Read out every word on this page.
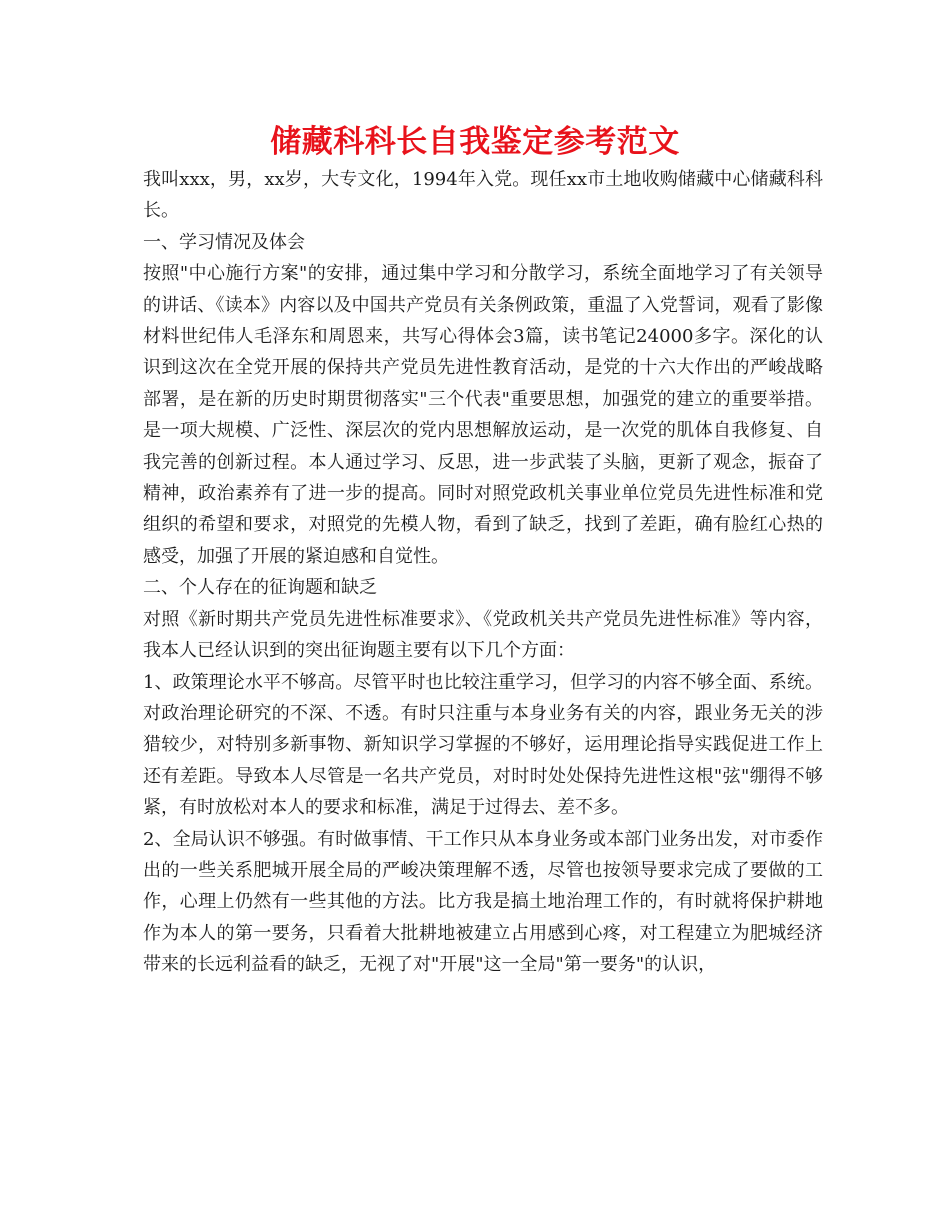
储藏科科长自我鉴定参考范文

我叫xxx，男，xx岁，大专文化，1994年入党。现任xx市土地收购储藏中心储藏科科长。

一、学习情况及体会

按照"中心施行方案"的安排，通过集中学习和分散学习，系统全面地学习了有关领导的讲话、《读本》内容以及中国共产党员有关条例政策，重温了入党誓词，观看了影像材料世纪伟人毛泽东和周恩来，共写心得体会3篇，读书笔记24000多字。深化的认识到这次在全党开展的保持共产党员先进性教育活动，是党的十六大作出的严峻战略部署，是在新的历史时期贯彻落实"三个代表"重要思想，加强党的建立的重要举措。是一项大规模、广泛性、深层次的党内思想解放运动，是一次党的肌体自我修复、自我完善的创新过程。本人通过学习、反思，进一步武装了头脑，更新了观念，振奋了精神，政治素养有了进一步的提高。同时对照党政机关事业单位党员先进性标准和党组织的希望和要求，对照党的先模人物，看到了缺乏，找到了差距，确有脸红心热的感受，加强了开展的紧迫感和自觉性。

二、个人存在的征询题和缺乏

对照《新时期共产党员先进性标准要求》、《党政机关共产党员先进性标准》等内容，我本人已经认识到的突出征询题主要有以下几个方面：

1、政策理论水平不够高。尽管平时也比较注重学习，但学习的内容不够全面、系统。对政治理论研究的不深、不透。有时只注重与本身业务有关的内容，跟业务无关的涉猎较少，对特别多新事物、新知识学习掌握的不够好，运用理论指导实践促进工作上还有差距。导致本人尽管是一名共产党员，对时时处处保持先进性这根"弦"绷得不够紧，有时放松对本人的要求和标准，满足于过得去、差不多。

2、全局认识不够强。有时做事情、干工作只从本身业务或本部门业务出发，对市委作出的一些关系肥城开展全局的严峻决策理解不透，尽管也按领导要求完成了要做的工作，心理上仍然有一些其他的方法。比方我是搞土地治理工作的，有时就将保护耕地作为本人的第一要务，只看着大批耕地被建立占用感到心疼，对工程建立为肥城经济带来的长远利益看的缺乏，无视了对"开展"这一全局"第一要务"的认识，
